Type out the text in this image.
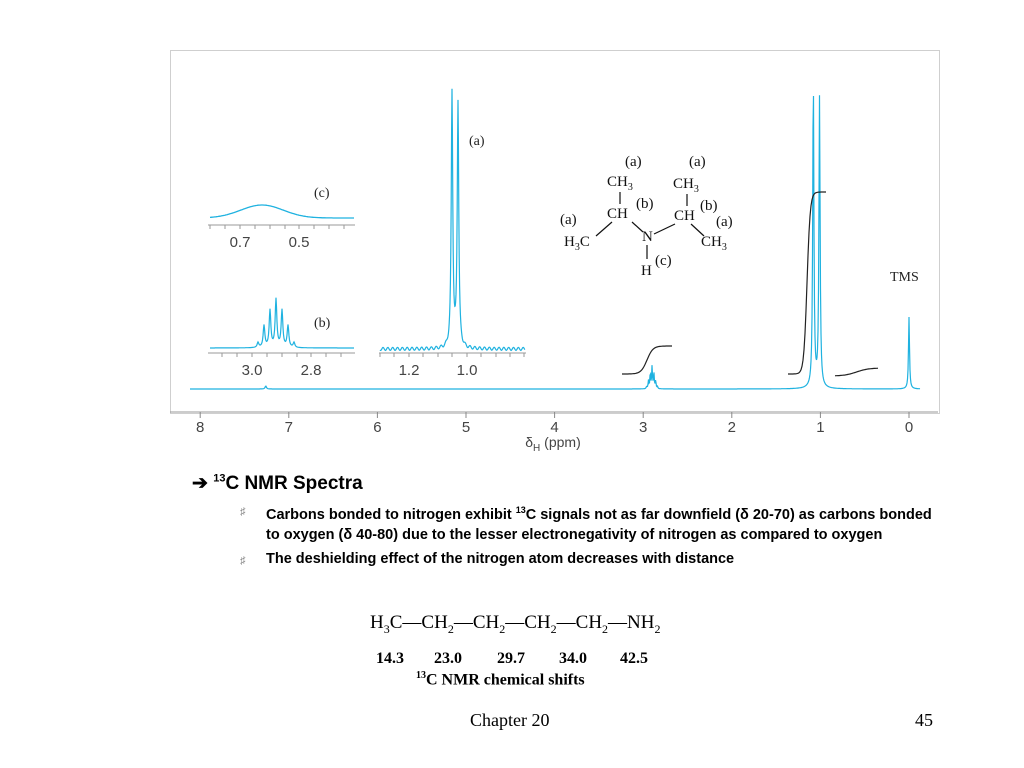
0.7	0.5
(c)
3.0	2.8
(b)
1.2 1.0
(a)
(a)
$CH_3$
(a)
$CH_3$
CH
(b)
CH
(b)
(a)	(a)
$H_3C$	N	$CH_3$
H
(c)
TMS
8	7	6	5	4	3	2	1	0
$\delta_H$ (ppm)
➔ $^{13}$C NMR Spectra
♯ Carbons bonded to nitrogen exhibit $^{13}$C signals not as far downfield (δ 20-70) as carbons bonded to oxygen (δ 40-80) due to the lesser electronegativity of nitrogen as compared to oxygen
♯ The deshielding effect of the nitrogen atom decreases with distance
$H_3C—CH_2—CH_2—CH_2—CH_2—NH_2$
14.3 23.0 29.7 34.0 42.5
$^{13}$C NMR chemical shifts
Chapter 20	45
